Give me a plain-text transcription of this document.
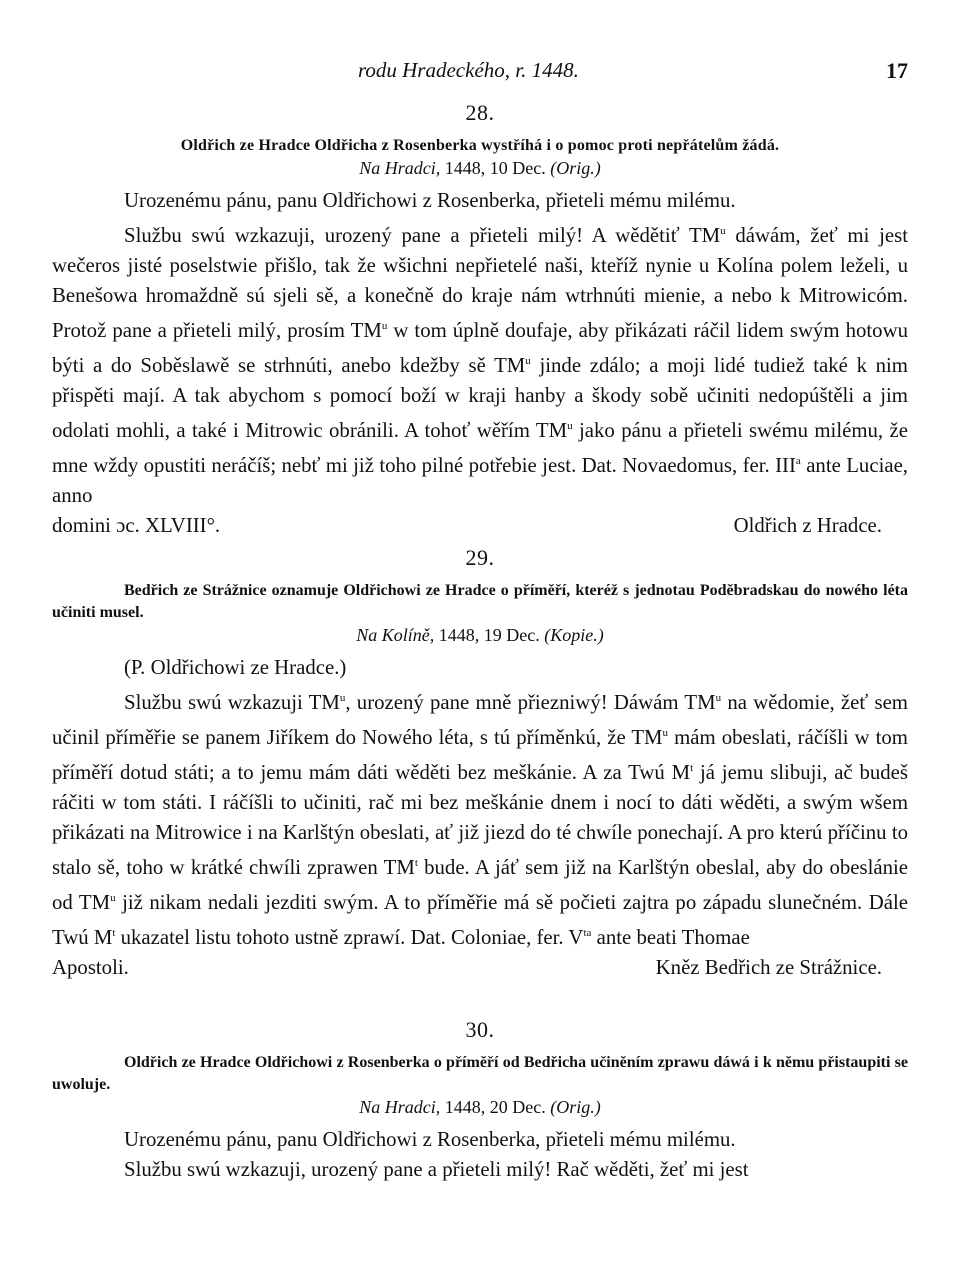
rodu Hradeckého, r. 1448.	17
28.

Oldřich ze Hradce Oldřicha z Rosenberka wystříhá i o pomoc proti nepřátelům žádá.

Na Hradci, 1448, 10 Dec. (Orig.)

Urozenému pánu, panu Oldřichowi z Rosenberka, přieteli mému milému.

Službu swú wzkazuji, urozený pane a přieteli milý! A wědětiť $TM^u$ dáwám, žeť mi jest wečeros jisté poselstwie přišlo, tak že wšichni nepřietelé naši, kteříž nynie u Kolína polem leželi, u Benešowa hromaždně sú sjeli sě, a konečně do kraje nám wtrhnúti mienie, a nebo k Mitrowicóm. Protož pane a přieteli milý, prosím $TM^u$ w tom úplně doufaje, aby přikázati ráčil lidem swým hotowu býti a do Soběslawě se strhnúti, anebo kdežby sě $TM^u$ jinde zdálo; a moji lidé tudiež také k nim přispěti mají. A tak abychom s pomocí boží w kraji hanby a škody sobě učiniti nedopúštěli a jim odolati mohli, a také i Mitrowic obránili. A tohoť wěřím $TM^u$ jako pánu a přieteli swému milému, že mne wždy opustiti neráčíš; nebť mi již toho pilné potřebie jest. Dat. Novaedomus, fer. III$^a$ ante Luciae, anno

domini ɔc. XLVIII°.	Oldřich z Hradce.
29.

Bedřich ze Strážnice oznamuje Oldřichowi ze Hradce o příměří, kteréž s jednotau Poděbradskau do nowého léta učiniti musel.

Na Kolíně, 1448, 19 Dec. (Kopie.)

(P. Oldřichowi ze Hradce.)

Službu swú wzkazuji $TM^u$, urozený pane mně přiezniwý! Dáwám $TM^u$ na wědomie, žeť sem učinil příměřie se panem Jiříkem do Nowého léta, s tú příměnkú, že $TM^u$ mám obeslati, ráčíšli w tom příměří dotud státi; a to jemu mám dáti wěděti bez meškánie. A za Twú $M^t$ já jemu slibuji, ač budeš ráčiti w tom státi. I ráčíšli to učiniti, rač mi bez meškánie dnem i nocí to dáti wěděti, a swým wšem přikázati na Mitrowice i na Karlštýn obeslati, ať již jiezd do té chwíle ponechají. A pro kterú příčinu to stalo sě, toho w krátké chwíli zprawen $TM^t$ bude. A jáť sem již na Karlštýn obeslal, aby do obeslánie od $TM^u$ již nikam nedali jezditi swým. A to příměřie má sě počieti zajtra po západu slunečném. Dále Twú $M^t$ ukazatel listu tohoto ustně zprawí. Dat. Coloniae, fer. $V^{ta}$ ante beati Thomae

Apostoli.	Kněz Bedřich ze Strážnice.
30.

Oldřich ze Hradce Oldřichowi z Rosenberka o příměří od Bedřicha učiněním zprawu dáwá i k němu přistaupiti se uwoluje.

Na Hradci, 1448, 20 Dec. (Orig.)

Urozenému pánu, panu Oldřichowi z Rosenberka, přieteli mému milému.

Službu swú wzkazuji, urozený pane a přieteli milý! Rač wěděti, žeť mi jest
